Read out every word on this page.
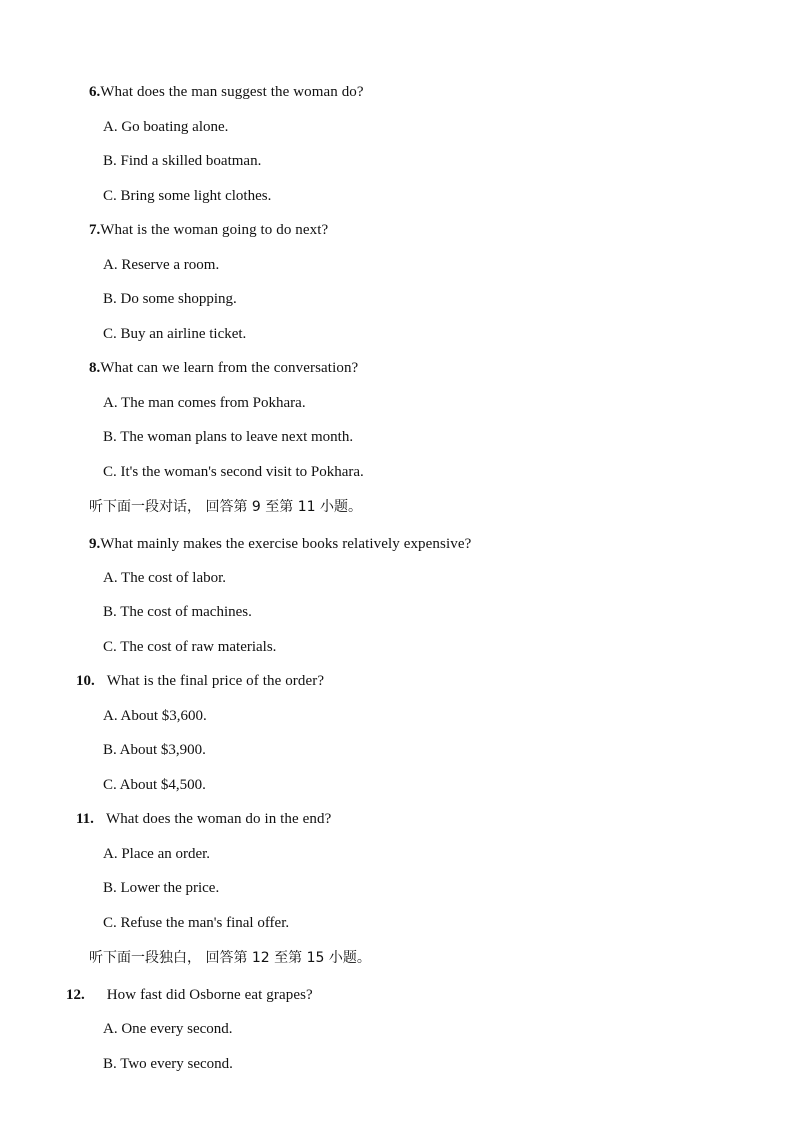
6.What does the man suggest the woman do?
A. Go boating alone.
B. Find a skilled boatman.
C. Bring some light clothes.
7.What is the woman going to do next?
A. Reserve a room.
B. Do some shopping.
C. Buy an airline ticket.
8.What can we learn from the conversation?
A. The man comes from Pokhara.
B. The woman plans to leave next month.
C. It's the woman's second visit to Pokhara.
听下面一段对话， 回答第 9 至第 11 小题。
9.What mainly makes the exercise books relatively expensive?
A. The cost of labor.
B. The cost of machines.
C. The cost of raw materials.
10. What is the final price of the order?
A. About $3,600.
B. About $3,900.
C. About $4,500.
11. What does the woman do in the end?
A. Place an order.
B. Lower the price.
C. Refuse the man's final offer.
听下面一段独白， 回答第 12 至第 15 小题。
12. How fast did Osborne eat grapes?
A. One every second.
B. Two every second.
